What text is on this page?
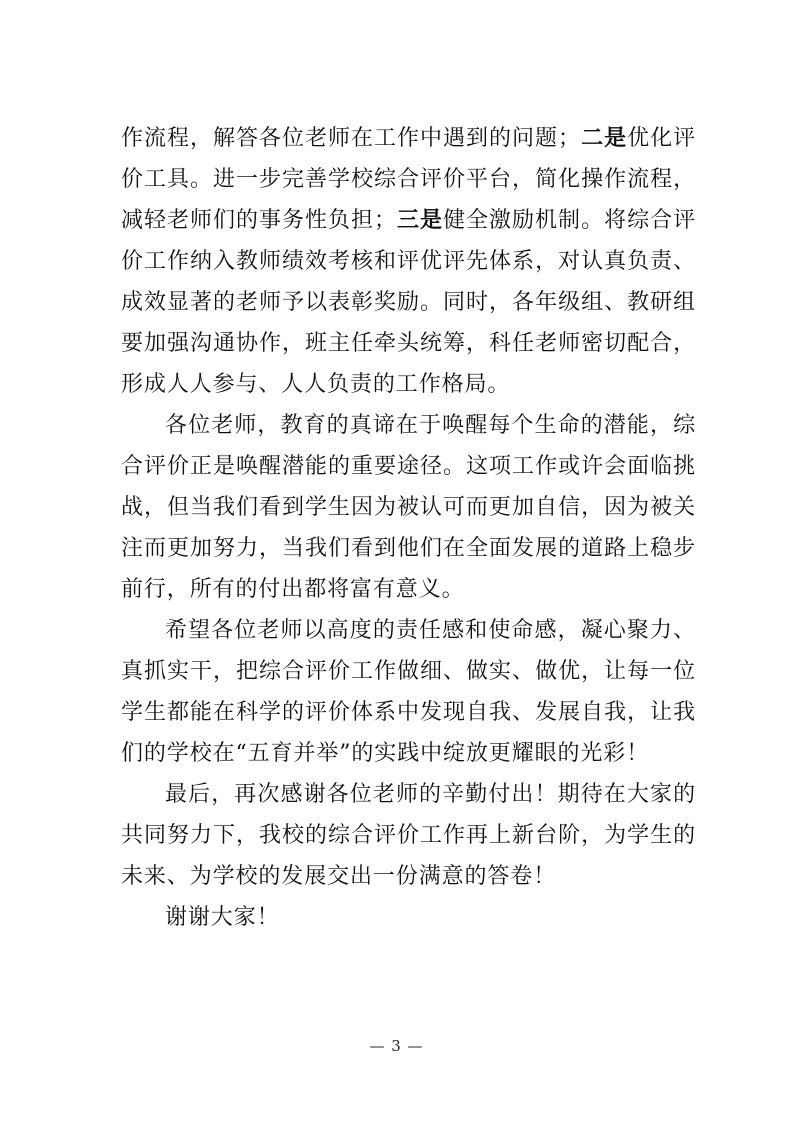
作流程，解答各位老师在工作中遇到的问题；二是优化评价工具。进一步完善学校综合评价平台，简化操作流程，减轻老师们的事务性负担；三是健全激励机制。将综合评价工作纳入教师绩效考核和评优评先体系，对认真负责、成效显著的老师予以表彰奖励。同时，各年级组、教研组要加强沟通协作，班主任牵头统筹，科任老师密切配合，形成人人参与、人人负责的工作格局。

各位老师，教育的真谛在于唤醒每个生命的潜能，综合评价正是唤醒潜能的重要途径。这项工作或许会面临挑战，但当我们看到学生因为被认可而更加自信，因为被关注而更加努力，当我们看到他们在全面发展的道路上稳步前行，所有的付出都将富有意义。

希望各位老师以高度的责任感和使命感，凝心聚力、真抓实干，把综合评价工作做细、做实、做优，让每一位学生都能在科学的评价体系中发现自我、发展自我，让我们的学校在“五育并举”的实践中绽放更耀眼的光彩！

最后，再次感谢各位老师的辛勤付出！期待在大家的共同努力下，我校的综合评价工作再上新台阶，为学生的未来、为学校的发展交出一份满意的答卷！

谢谢大家！

— 3 —
